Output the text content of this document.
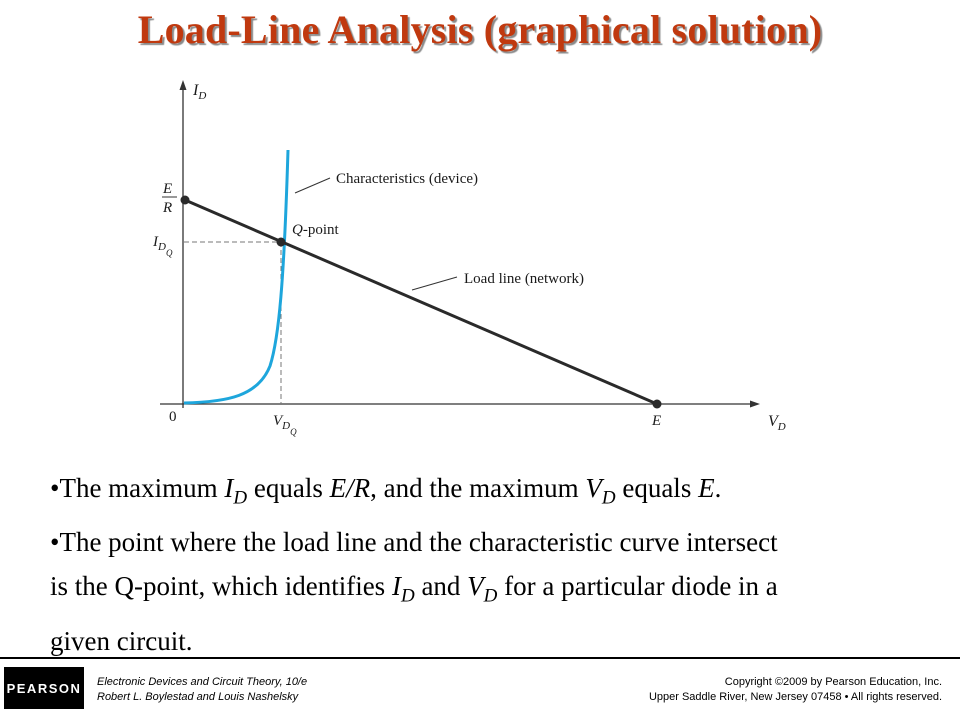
Load-Line Analysis (graphical solution)
$I_D$
$V_D$
0
E
R
$I_{DQ}$
$V_{DQ}$
E
Characteristics (device)
Q-point
Load line (network)

•The maximum $I_D$ equals E/R, and the maximum $V_D$ equals E.

•The point where the load line and the characteristic curve intersect

is the Q-point, which identifies $I_D$ and $V_D$ for a particular diode in a

given circuit.

PEARSON Electronic Devices and Circuit Theory, 10/e
Robert L. Boylestad and Louis Nashelsky
Copyright ©2009 by Pearson Education, Inc.
Upper Saddle River, New Jersey 07458 • All rights reserved.
